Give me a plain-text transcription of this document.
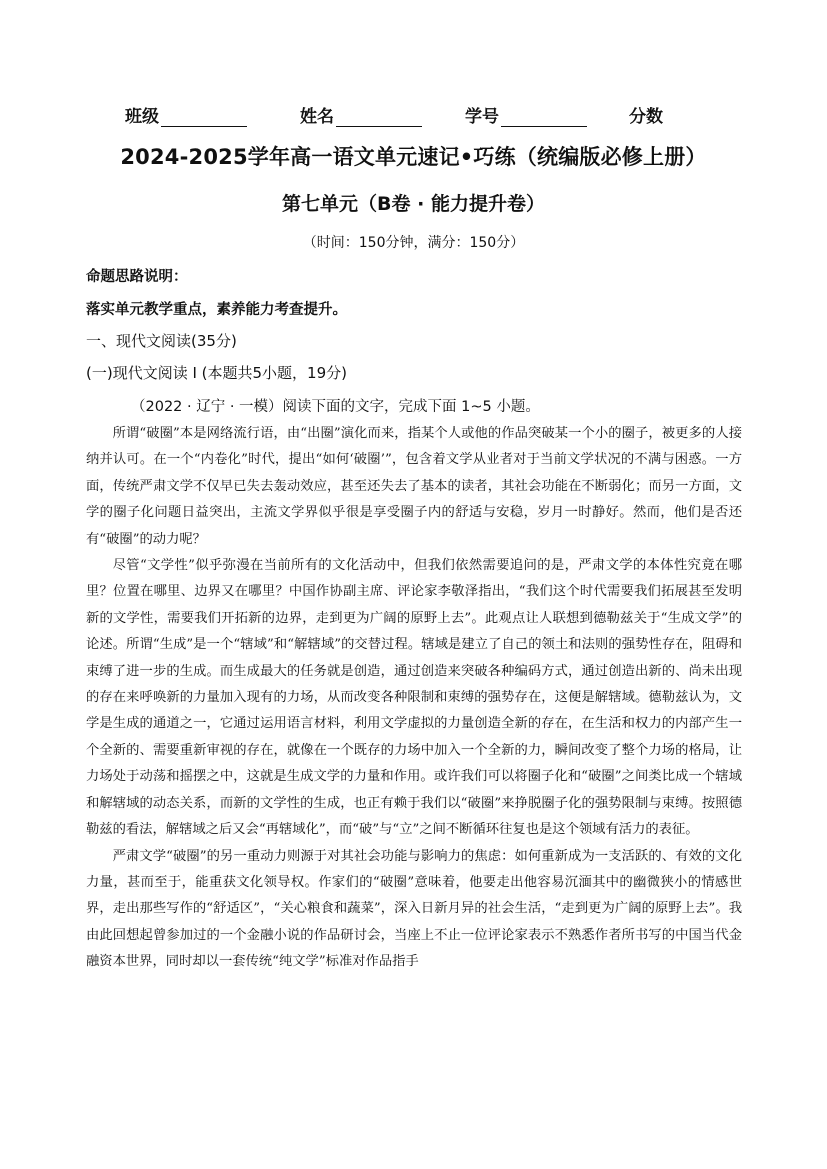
班级	姓名	学号	分数
2024-2025学年高一语文单元速记•巧练（统编版必修上册）
第七单元（B卷 · 能力提升卷）
（时间：150分钟，满分：150分）
命题思路说明：
落实单元教学重点，素养能力考查提升。
一、现代文阅读(35分)
(一)现代文阅读 I (本题共5小题，19分)
（2022 · 辽宁 · 一模）阅读下面的文字，完成下面 1~5 小题。

所谓“破圈”本是网络流行语，由“出圈”演化而来，指某个人或他的作品突破某一个小的圈子，被更多的人接纳并认可。在一个“内卷化”时代，提出“如何‘破圈’”，包含着文学从业者对于当前文学状况的不满与困惑。一方面，传统严肃文学不仅早已失去轰动效应，甚至还失去了基本的读者，其社会功能在不断弱化；而另一方面，文学的圈子化问题日益突出，主流文学界似乎很是享受圈子内的舒适与安稳，岁月一时静好。然而，他们是否还有“破圈”的动力呢？

尽管“文学性”似乎弥漫在当前所有的文化活动中，但我们依然需要追问的是，严肃文学的本体性究竟在哪里？位置在哪里、边界又在哪里？中国作协副主席、评论家李敬泽指出，“我们这个时代需要我们拓展甚至发明新的文学性，需要我们开拓新的边界，走到更为广阔的原野上去”。此观点让人联想到德勒兹关于“生成文学”的论述。所谓“生成”是一个“辖域”和“解辖域”的交替过程。辖域是建立了自己的领土和法则的强势性存在，阻碍和束缚了进一步的生成。而生成最大的任务就是创造，通过创造来突破各种编码方式，通过创造出新的、尚未出现的存在来呼唤新的力量加入现有的力场，从而改变各种限制和束缚的强势存在，这便是解辖域。德勒兹认为，文学是生成的通道之一，它通过运用语言材料，利用文学虚拟的力量创造全新的存在，在生活和权力的内部产生一个全新的、需要重新审视的存在，就像在一个既存的力场中加入一个全新的力，瞬间改变了整个力场的格局，让力场处于动荡和摇摆之中，这就是生成文学的力量和作用。或许我们可以将圈子化和“破圈”之间类比成一个辖域和解辖域的动态关系，而新的文学性的生成，也正有赖于我们以“破圈”来挣脱圈子化的强势限制与束缚。按照德勒兹的看法，解辖域之后又会“再辖域化”，而“破”与“立”之间不断循环往复也是这个领域有活力的表征。

严肃文学“破圈”的另一重动力则源于对其社会功能与影响力的焦虑：如何重新成为一支活跃的、有效的文化力量，甚而至于，能重获文化领导权。作家们的“破圈”意味着，他要走出他容易沉湎其中的幽微狭小的情感世界，走出那些写作的“舒适区”，“关心粮食和蔬菜”，深入日新月异的社会生活，“走到更为广阔的原野上去”。我由此回想起曾参加过的一个金融小说的作品研讨会，当座上不止一位评论家表示不熟悉作者所书写的中国当代金融资本世界，同时却以一套传统“纯文学”标准对作品指手
